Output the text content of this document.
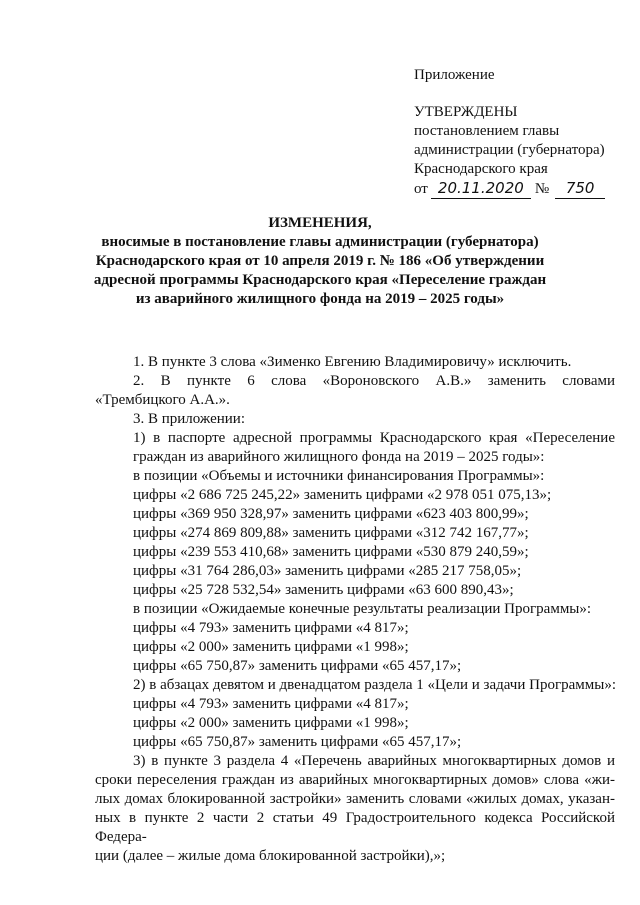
Приложение
УТВЕРЖДЕНЫ
постановлением главы
администрации (губернатора)
Краснодарского края
от 20.11.2020 № 750
ИЗМЕНЕНИЯ,
вносимые в постановление главы администрации (губернатора)
Краснодарского края от 10 апреля 2019 г. № 186 «Об утверждении
адресной программы Краснодарского края «Переселение граждан
из аварийного жилищного фонда на 2019 – 2025 годы»
1. В пункте 3 слова «Зименко Евгению Владимировичу» исключить.
2. В пункте 6 слова «Вороновского А.В.» заменить словами
«Трембицкого А.А.».
3. В приложении:
1) в паспорте адресной программы Краснодарского края «Переселение
граждан из аварийного жилищного фонда на 2019 – 2025 годы»:
в позиции «Объемы и источники финансирования Программы»:
цифры «2 686 725 245,22» заменить цифрами «2 978 051 075,13»;
цифры «369 950 328,97» заменить цифрами «623 403 800,99»;
цифры «274 869 809,88» заменить цифрами «312 742 167,77»;
цифры «239 553 410,68» заменить цифрами «530 879 240,59»;
цифры «31 764 286,03» заменить цифрами «285 217 758,05»;
цифры «25 728 532,54» заменить цифрами «63 600 890,43»;
в позиции «Ожидаемые конечные результаты реализации Программы»:
цифры «4 793» заменить цифрами «4 817»;
цифры «2 000» заменить цифрами «1 998»;
цифры «65 750,87» заменить цифрами «65 457,17»;
2) в абзацах девятом и двенадцатом раздела 1 «Цели и задачи Программы»:
цифры «4 793» заменить цифрами «4 817»;
цифры «2 000» заменить цифрами «1 998»;
цифры «65 750,87» заменить цифрами «65 457,17»;
3) в пункте 3 раздела 4 «Перечень аварийных многоквартирных домов и
сроки переселения граждан из аварийных многоквартирных домов» слова «жи-
лых домах блокированной застройки» заменить словами «жилых домах, указан-
ных в пункте 2 части 2 статьи 49 Градостроительного кодекса Российской Федера-
ции (далее – жилые дома блокированной застройки),»;
